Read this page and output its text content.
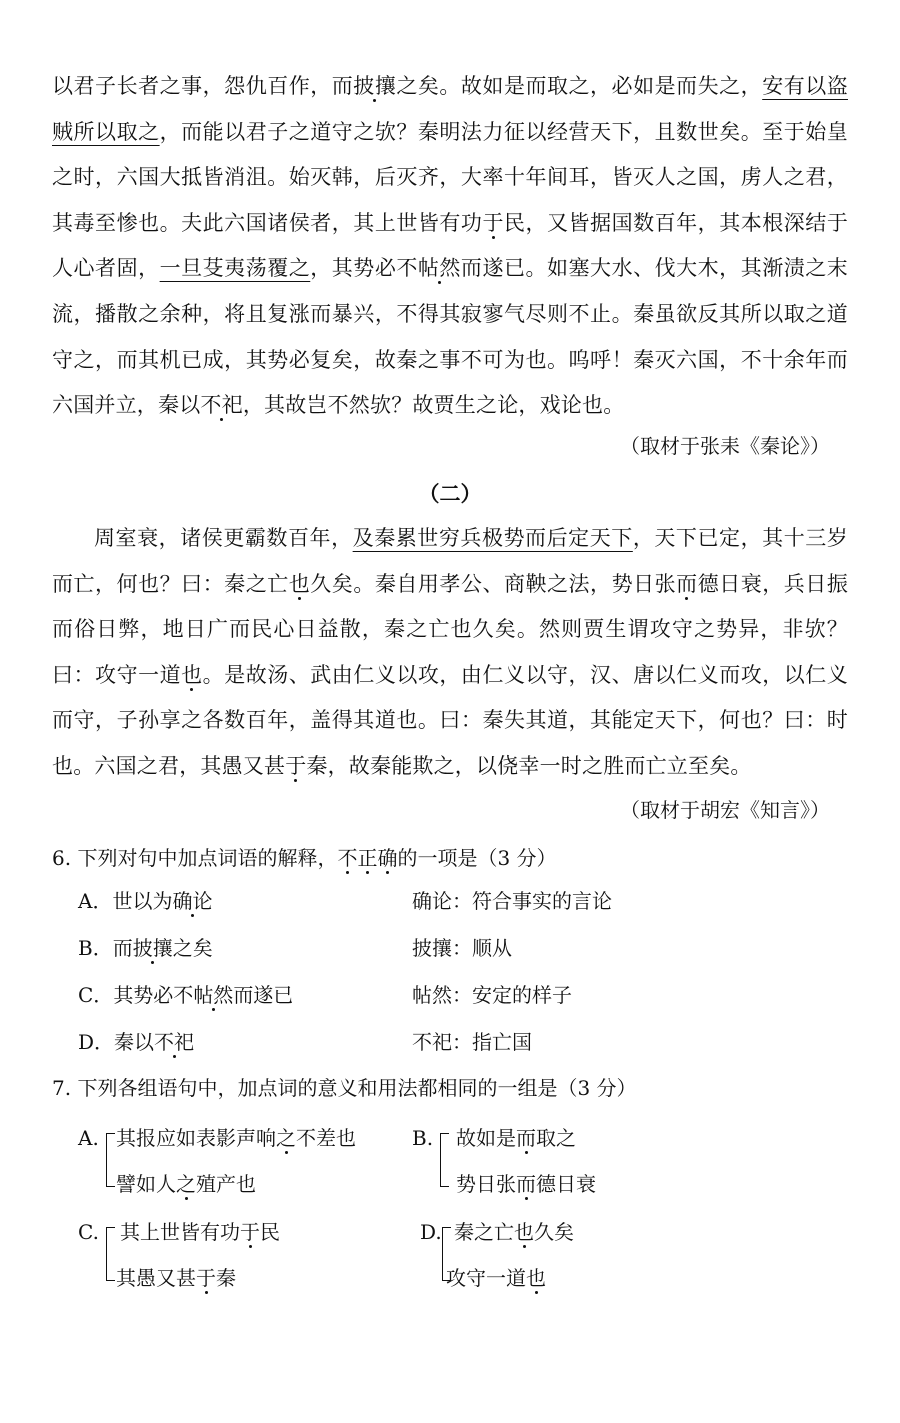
以君子长者之事，怨仇百作，而披攘之矣。故如是而取之，必如是而失之，安有以盗贼所以取之，而能以君子之道守之欤？秦明法力征以经营天下，且数世矣。至于始皇之时，六国大抵皆消沮。始灭韩，后灭齐，大率十年间耳，皆灭人之国，虏人之君，其毒至惨也。夫此六国诸侯者，其上世皆有功于民，又皆据国数百年，其本根深结于人心者固，一旦芟夷荡覆之，其势必不帖然而遂已。如塞大水、伐大木，其渐渍之末流，播散之余种，将且复涨而暴兴，不得其寂寥气尽则不止。秦虽欲反其所以取之道守之，而其机已成，其势必复矣，故秦之事不可为也。呜呼！秦灭六国，不十余年而六国并立，秦以不祀，其故岂不然欤？故贾生之论，戏论也。

（取材于张耒《秦论》）
（二）

周室衰，诸侯更霸数百年，及秦累世穷兵极势而后定天下，天下已定，其十三岁而亡，何也？曰：秦之亡也久矣。秦自用孝公、商鞅之法，势日张而德日衰，兵日振而俗日弊，地日广而民心日益散，秦之亡也久矣。然则贾生谓攻守之势异，非欤？曰：攻守一道也。是故汤、武由仁义以攻，由仁义以守，汉、唐以仁义而攻，以仁义而守，子孙享之各数百年，盖得其道也。曰：秦失其道，其能定天下，何也？曰：时也。六国之君，其愚又甚于秦，故秦能欺之，以侥幸一时之胜而亡立至矣。

（取材于胡宏《知言》）
6. 下列对句中加点词语的解释，不正确的一项是（3 分）
A．世以为确论	确论：符合事实的言论
B．而披攘之矣	披攘：顺从
C．其势必不帖然而遂已	帖然：安定的样子
D．秦以不祀	不祀：指亡国
7. 下列各组语句中，加点词的意义和用法都相同的一组是（3 分）
A. 其报应如表影声响之不差也
譬如人之殖产也
B. 故如是而取之
势日张而德日衰
C. 其上世皆有功于民
其愚又甚于秦
D. 秦之亡也久矣
攻守一道也
